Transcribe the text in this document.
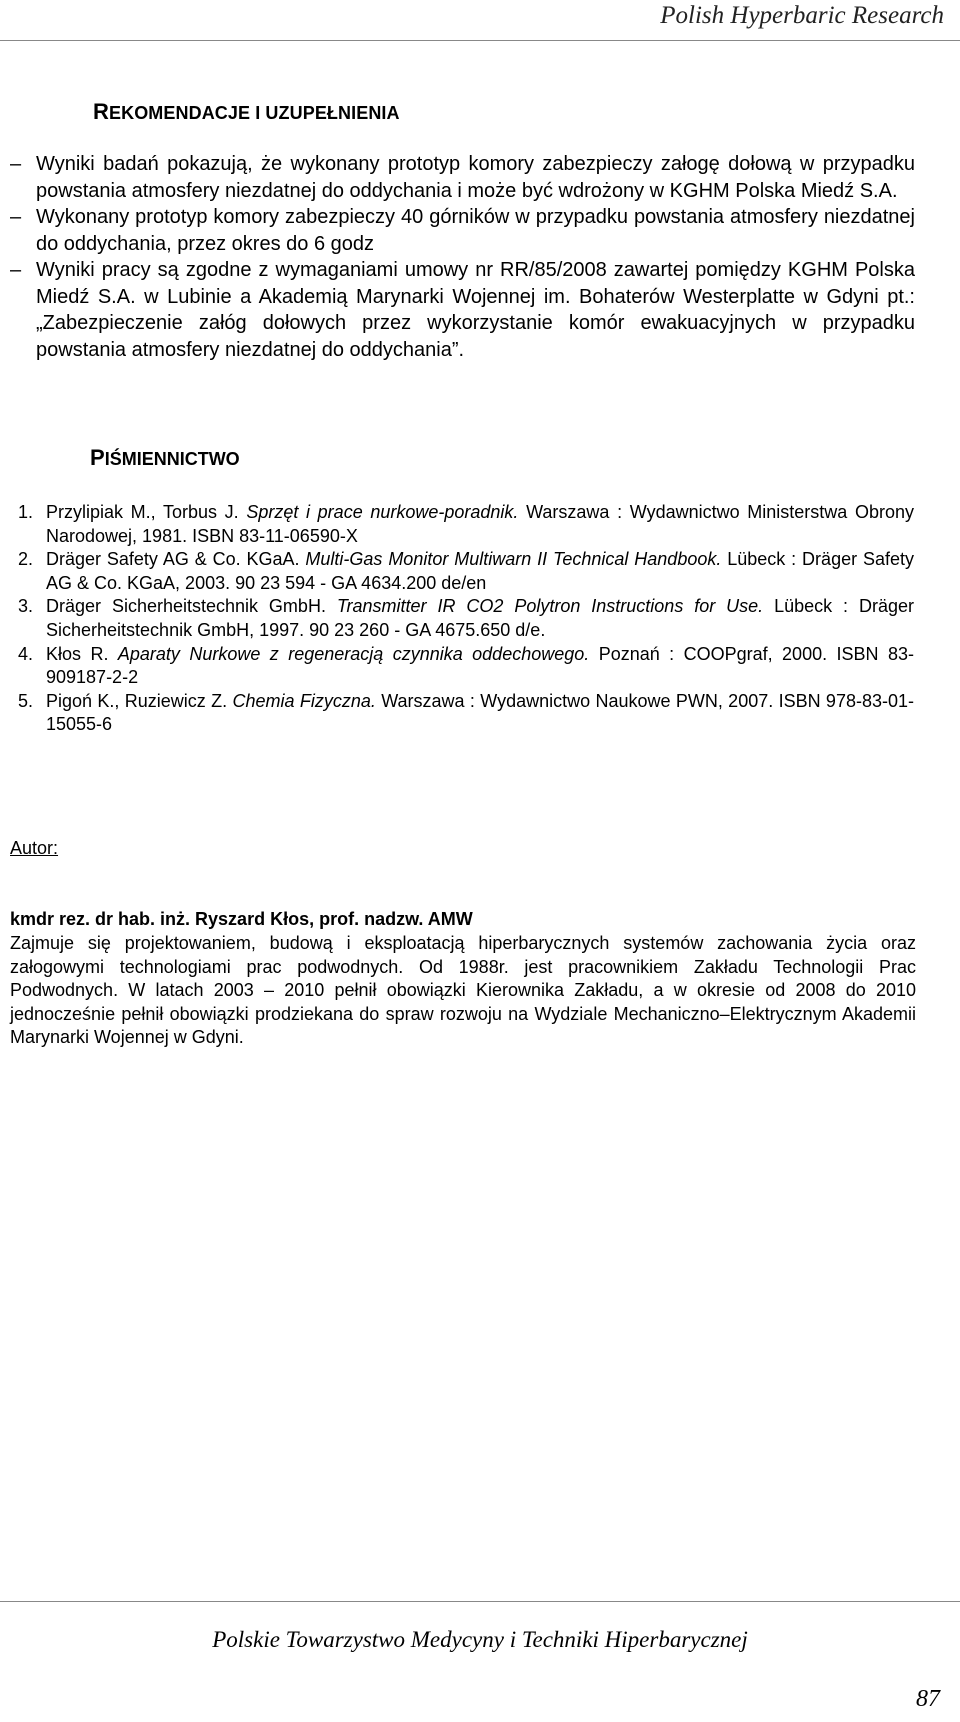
Polish Hyperbaric Research
REKOMENDACJE I UZUPEŁNIENIA

– Wyniki badań pokazują, że wykonany prototyp komory zabezpieczy załogę dołową w przypadku powstania atmosfery niezdatnej do oddychania i może być wdrożony w KGHM Polska Miedź S.A.

– Wykonany prototyp komory zabezpieczy 40 górników w przypadku powstania atmosfery niezdatnej do oddychania, przez okres do 6 godz

– Wyniki pracy są zgodne z wymaganiami umowy nr RR/85/2008 zawartej pomiędzy KGHM Polska Miedź S.A. w Lubinie a Akademią Marynarki Wojennej im. Bohaterów Westerplatte w Gdyni pt.: „Zabezpieczenie załóg dołowych przez wykorzystanie komór ewakuacyjnych w przypadku powstania atmosfery niezdatnej do oddychania”.

PIŚMIENNICTWO
1. Przylipiak M., Torbus J. Sprzęt i prace nurkowe-poradnik. Warszawa : Wydawnictwo Ministerstwa Obrony Narodowej, 1981. ISBN 83-11-06590-X
2. Dräger Safety AG & Co. KGaA. Multi-Gas Monitor Multiwarn II Technical Handbook. Lübeck : Dräger Safety AG & Co. KGaA, 2003. 90 23 594 - GA 4634.200 de/en
3. Dräger Sicherheitstechnik GmbH. Transmitter IR CO2 Polytron Instructions for Use. Lübeck : Dräger Sicherheitstechnik GmbH, 1997. 90 23 260 - GA 4675.650 d/e.
4. Kłos R. Aparaty Nurkowe z regeneracją czynnika oddechowego. Poznań : COOPgraf, 2000. ISBN 83-909187-2-2
5. Pigoń K., Ruziewicz Z. Chemia Fizyczna. Warszawa : Wydawnictwo Naukowe PWN, 2007. ISBN 978-83-01-15055-6
Autor:
kmdr rez. dr hab. inż. Ryszard Kłos, prof. nadzw. AMW
Zajmuje się projektowaniem, budową i eksploatacją hiperbarycznych systemów zachowania życia oraz załogowymi technologiami prac podwodnych. Od 1988r. jest pracownikiem Zakładu Technologii Prac Podwodnych. W latach 2003 – 2010 pełnił obowiązki Kierownika Zakładu, a w okresie od 2008 do 2010 jednocześnie pełnił obowiązki prodziekana do spraw rozwoju na Wydziale Mechaniczno–Elektrycznym Akademii Marynarki Wojennej w Gdyni.
Polskie Towarzystwo Medycyny i Techniki Hiperbarycznej
87
